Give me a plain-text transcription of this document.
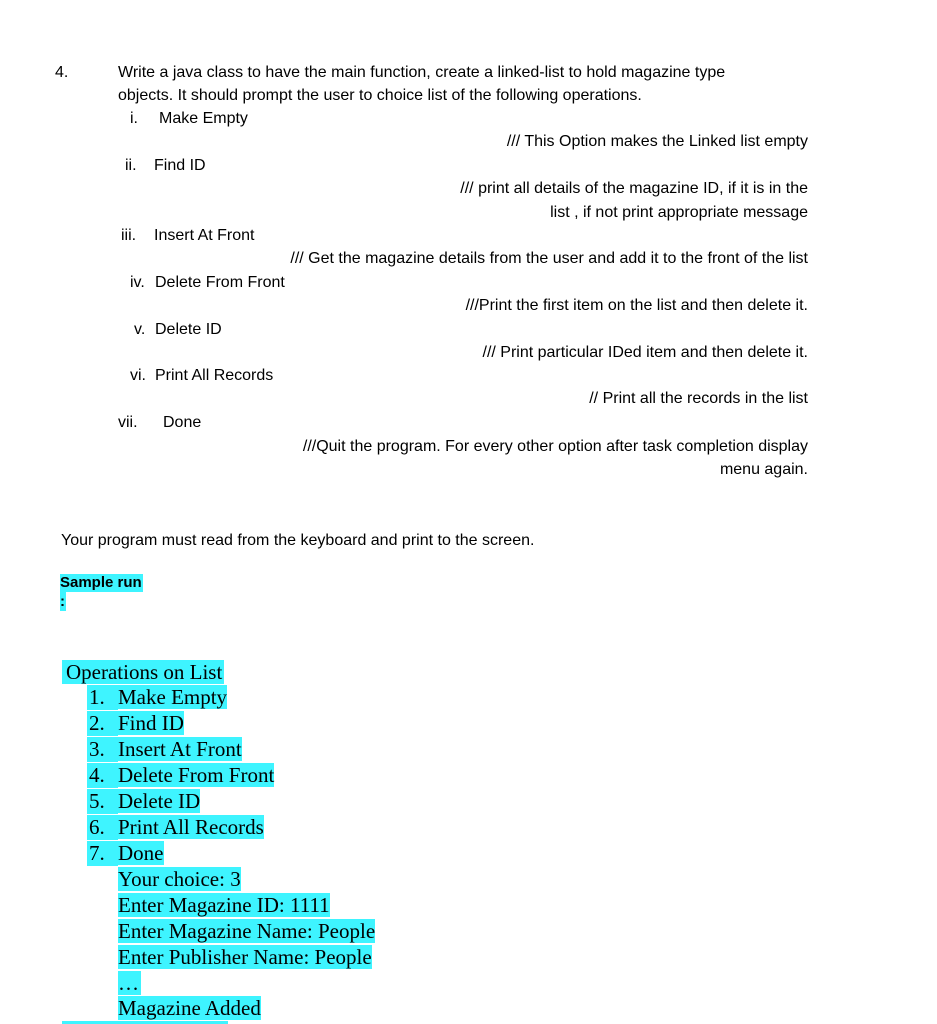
4.	Write a java class to have the main function, create a linked-list to hold magazine type
objects. It should prompt the user to choice list of the following operations.
i. Make Empty
/// This Option makes the Linked list empty
ii. Find ID
/// print all details of the magazine ID, if it is in the
list , if not print appropriate message
iii. Insert At Front
/// Get the magazine details from the user and add it to the front of the list
iv. Delete From Front
///Print the first item on the list and then delete it.
v. Delete ID
/// Print particular IDed item and then delete it.
vi. Print All Records
// Print all the records in the list
vii. Done
///Quit the program. For every other option after task completion display
menu again.
Your program must read from the keyboard and print to the screen.
Sample run
:
Operations on List
1. Make Empty
2. Find ID
3. Insert At Front
4. Delete From Front
5. Delete ID
6. Print All Records
7. Done
Your choice: 3
Enter Magazine ID: 1111
Enter Magazine Name: People
Enter Publisher Name: People
…
Magazine Added
